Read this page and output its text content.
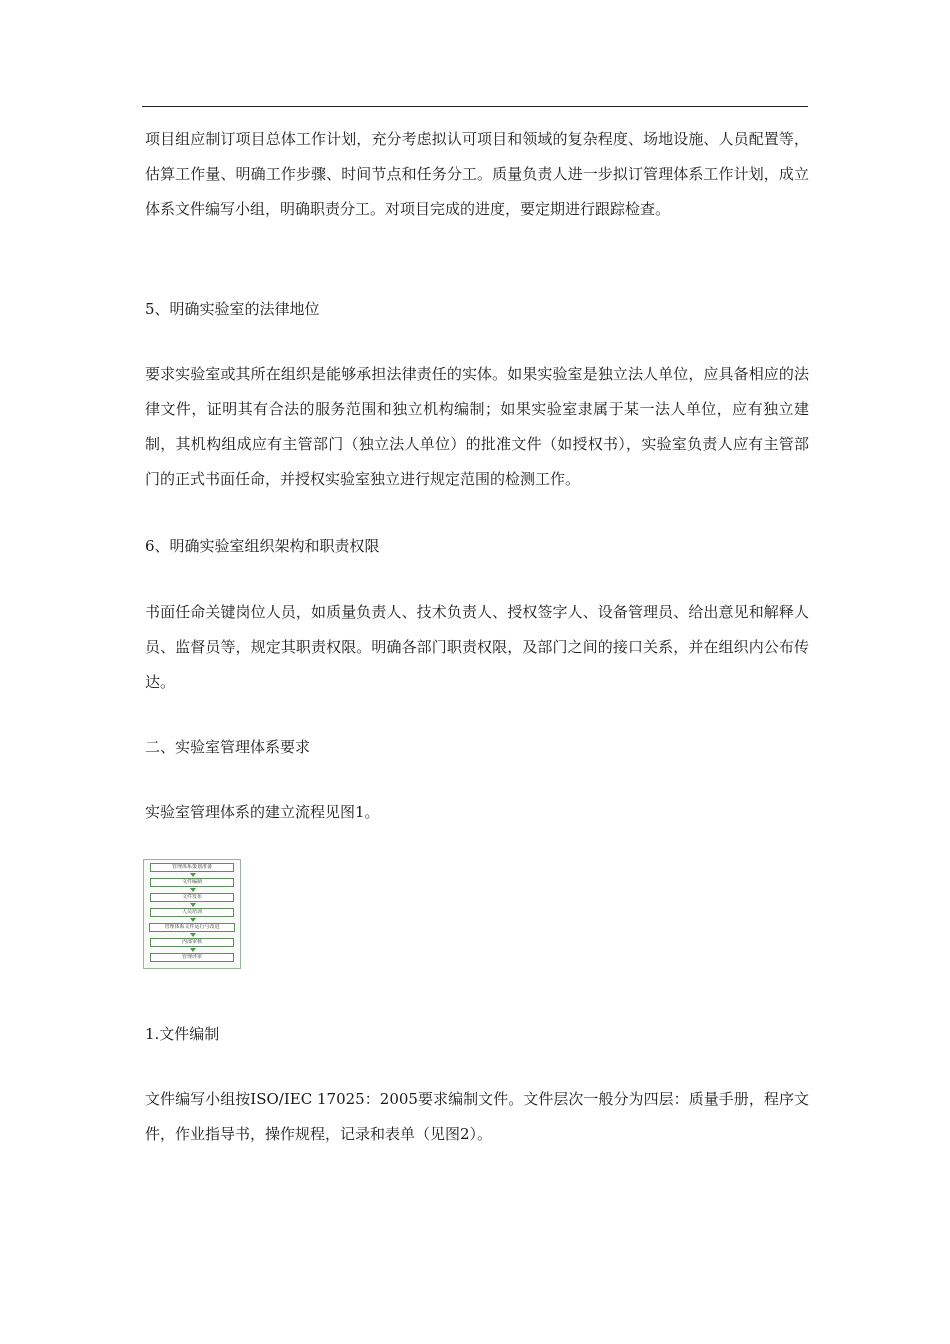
项目组应制订项目总体工作计划，充分考虑拟认可项目和领域的复杂程度、场地设施、人员配置等，估算工作量、明确工作步骤、时间节点和任务分工。质量负责人进一步拟订管理体系工作计划，成立体系文件编写小组，明确职责分工。对项目完成的进度，要定期进行跟踪检查。

5、明确实验室的法律地位

要求实验室或其所在组织是能够承担法律责任的实体。如果实验室是独立法人单位，应具备相应的法律文件，证明其有合法的服务范围和独立机构编制；如果实验室隶属于某一法人单位，应有独立建制，其机构组成应有主管部门（独立法人单位）的批准文件（如授权书），实验室负责人应有主管部门的正式书面任命，并授权实验室独立进行规定范围的检测工作。

6、明确实验室组织架构和职责权限

书面任命关键岗位人员，如质量负责人、技术负责人、授权签字人、设备管理员、给出意见和解释人员、监督员等，规定其职责权限。明确各部门职责权限，及部门之间的接口关系，并在组织内公布传达。

二、实验室管理体系要求

实验室管理体系的建立流程见图1。

管理体系策划准备
文件编制
文件发布
人员培训
管理体系文件运行与改进
内部审核
管理评审

1.文件编制

文件编写小组按ISO/IEC 17025：2005要求编制文件。文件层次一般分为四层：质量手册，程序文件，作业指导书，操作规程，记录和表单（见图2）。
